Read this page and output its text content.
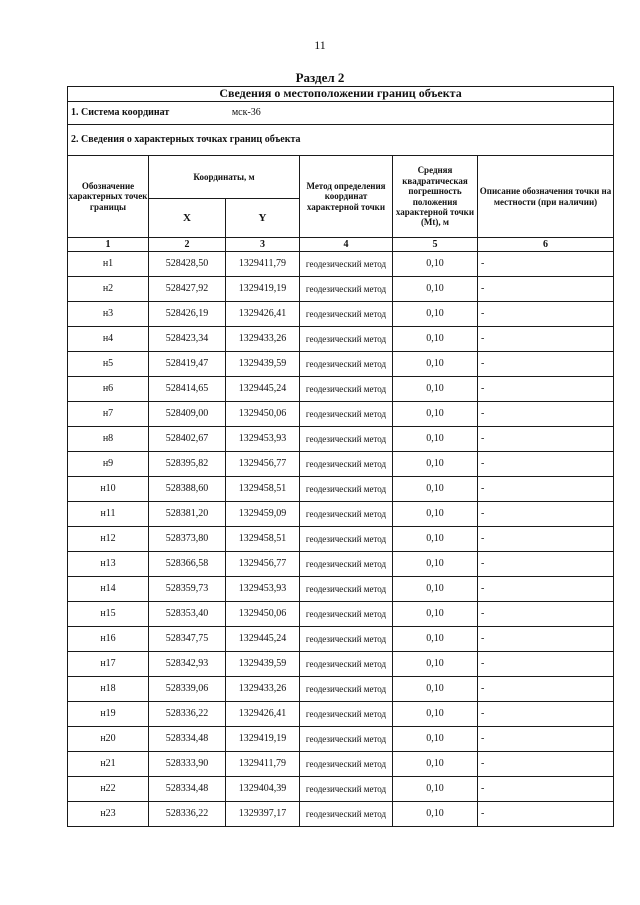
11
Раздел 2
Сведения о местоположении границ объекта					
1. Система координат мск-36					
2. Сведения о характерных точках границ объекта					
Обозначение характерных точек границы	Координаты, м		Метод определения координат характерной точки	Средняя квадратическая погрешность положения характерной точки (Mt), м	Описание обозначения точки на местности (при наличии)
	X	Y			
1	2	3	4	5	6
н1	528428,50	1329411,79	геодезический метод	0,10	-
н2	528427,92	1329419,19	геодезический метод	0,10	-
н3	528426,19	1329426,41	геодезический метод	0,10	-
н4	528423,34	1329433,26	геодезический метод	0,10	-
н5	528419,47	1329439,59	геодезический метод	0,10	-
н6	528414,65	1329445,24	геодезический метод	0,10	-
н7	528409,00	1329450,06	геодезический метод	0,10	-
н8	528402,67	1329453,93	геодезический метод	0,10	-
н9	528395,82	1329456,77	геодезический метод	0,10	-
н10	528388,60	1329458,51	геодезический метод	0,10	-
н11	528381,20	1329459,09	геодезический метод	0,10	-
н12	528373,80	1329458,51	геодезический метод	0,10	-
н13	528366,58	1329456,77	геодезический метод	0,10	-
н14	528359,73	1329453,93	геодезический метод	0,10	-
н15	528353,40	1329450,06	геодезический метод	0,10	-
н16	528347,75	1329445,24	геодезический метод	0,10	-
н17	528342,93	1329439,59	геодезический метод	0,10	-
н18	528339,06	1329433,26	геодезический метод	0,10	-
н19	528336,22	1329426,41	геодезический метод	0,10	-
н20	528334,48	1329419,19	геодезический метод	0,10	-
н21	528333,90	1329411,79	геодезический метод	0,10	-
н22	528334,48	1329404,39	геодезический метод	0,10	-
н23	528336,22	1329397,17	геодезический метод	0,10	-
